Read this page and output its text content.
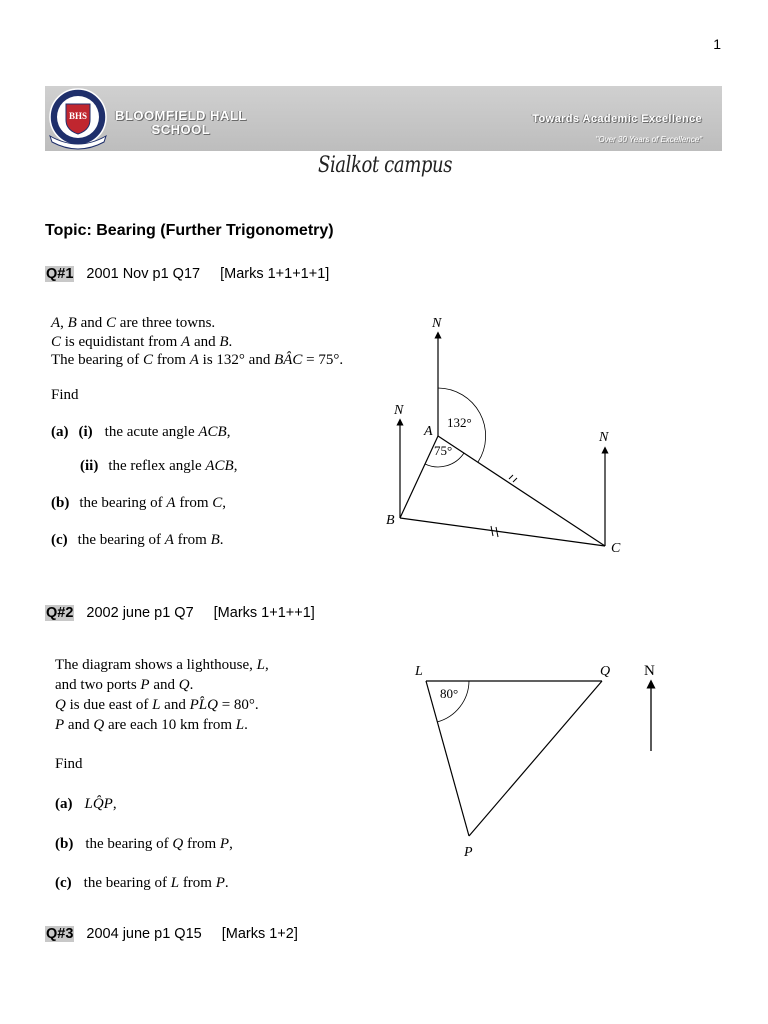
1
BHS BLOOMFIELD HALL
SCHOOL
Towards Academic Excellence
"Over 30 Years of Excellence"
Sialkot campus
Topic: Bearing (Further Trigonometry)
Q#1 2001 Nov p1 Q17 [Marks 1+1+1+1]
A, B and C are three towns.
C is equidistant from A and B.
The bearing of C from A is 132° and BÂC = 75°.
Find
(a) (i) the acute angle ACB,
(ii) the reflex angle ACB,
(b) the bearing of A from C,
(c) the bearing of A from B.
N
N
N
A
B
C
132°
75°
Q#2 2002 june p1 Q7 [Marks 1+1++1]
The diagram shows a lighthouse, L,
and two ports P and Q.
Q is due east of L and PL̂Q = 80°.
P and Q are each 10 km from L.
Find
(a) LQ̂P,
(b) the bearing of Q from P,
(c) the bearing of L from P.
L	Q
P
N
80°
Q#3 2004 june p1 Q15 [Marks 1+2]
